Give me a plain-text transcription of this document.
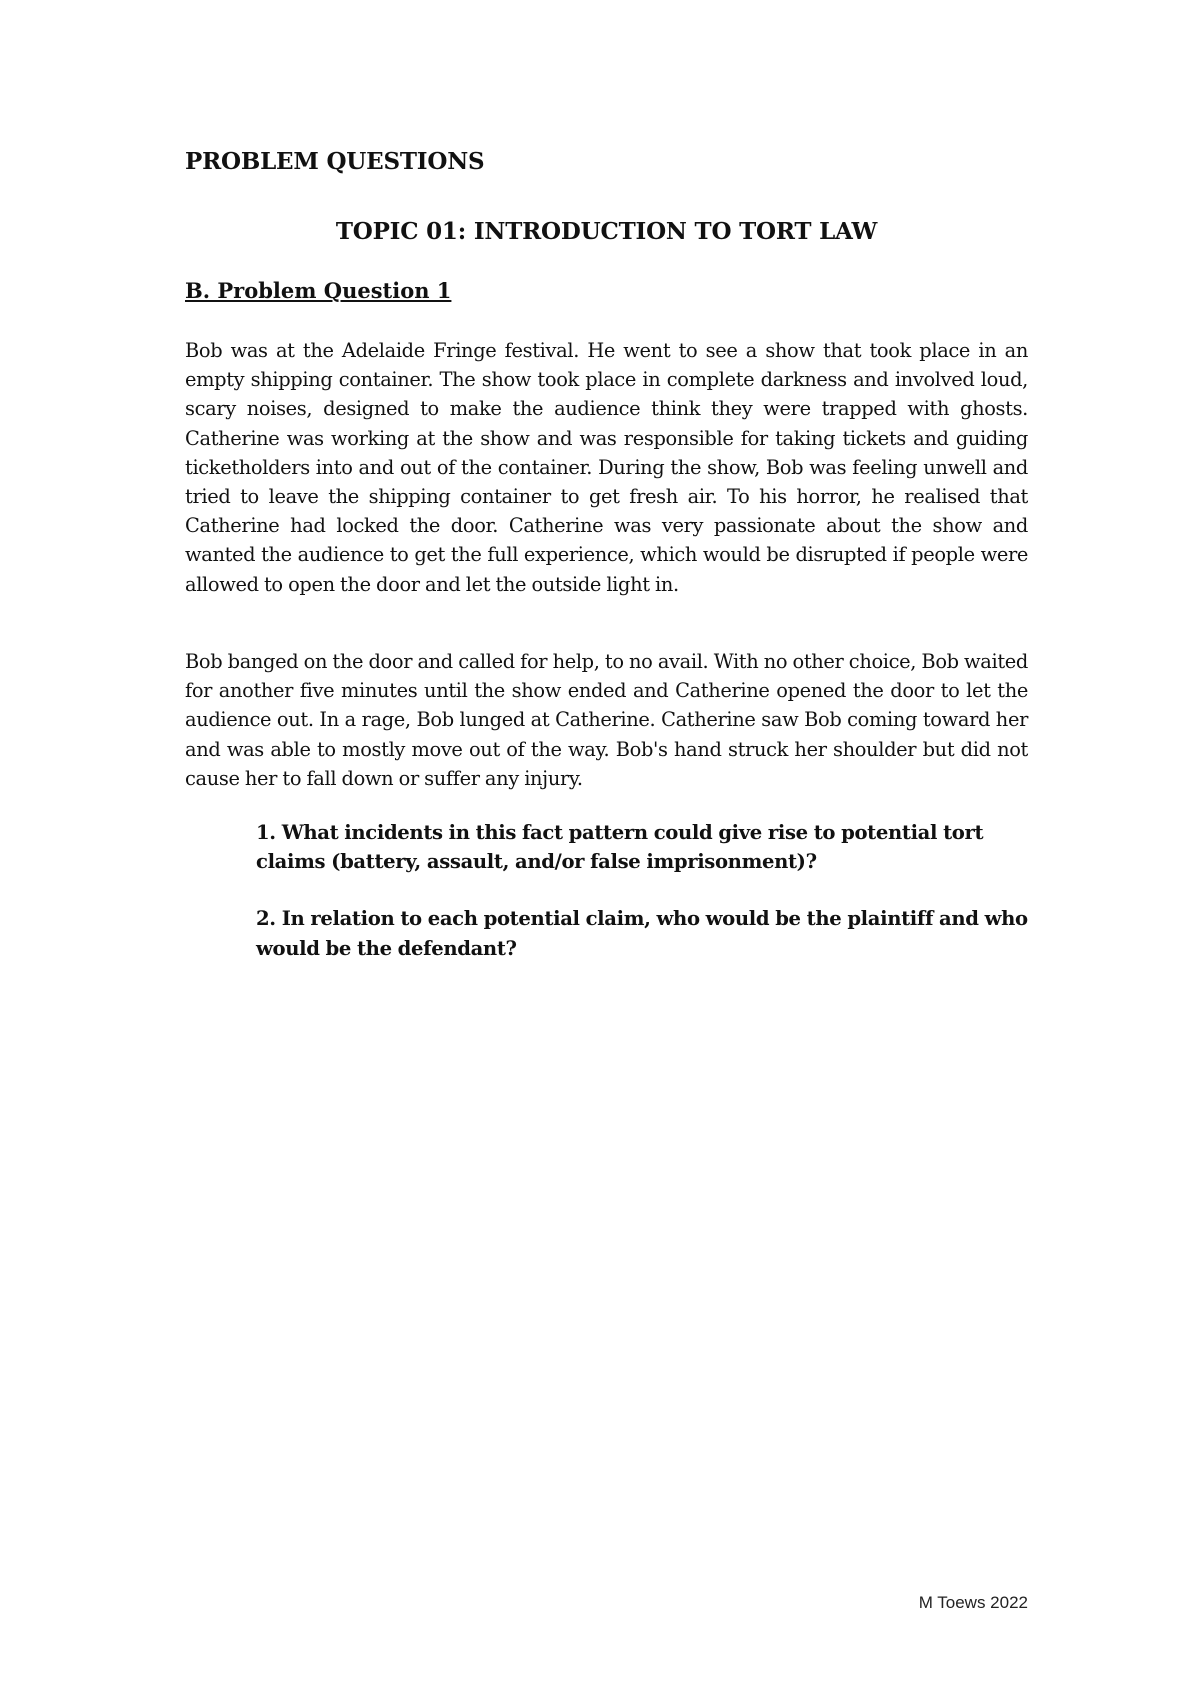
PROBLEM QUESTIONS
TOPIC 01: INTRODUCTION TO TORT LAW
B. Problem Question 1

Bob was at the Adelaide Fringe festival. He went to see a show that took place in an empty shipping container. The show took place in complete darkness and involved loud, scary noises, designed to make the audience think they were trapped with ghosts. Catherine was working at the show and was responsible for taking tickets and guiding ticketholders into and out of the container. During the show, Bob was feeling unwell and tried to leave the shipping container to get fresh air. To his horror, he realised that Catherine had locked the door. Catherine was very passionate about the show and wanted the audience to get the full experience, which would be disrupted if people were allowed to open the door and let the outside light in.

Bob banged on the door and called for help, to no avail. With no other choice, Bob waited for another five minutes until the show ended and Catherine opened the door to let the audience out. In a rage, Bob lunged at Catherine. Catherine saw Bob coming toward her and was able to mostly move out of the way. Bob's hand struck her shoulder but did not cause her to fall down or suffer any injury.

1. What incidents in this fact pattern could give rise to potential tort claims (battery, assault, and/or false imprisonment)?
2. In relation to each potential claim, who would be the plaintiff and who would be the defendant?

M Toews 2022
